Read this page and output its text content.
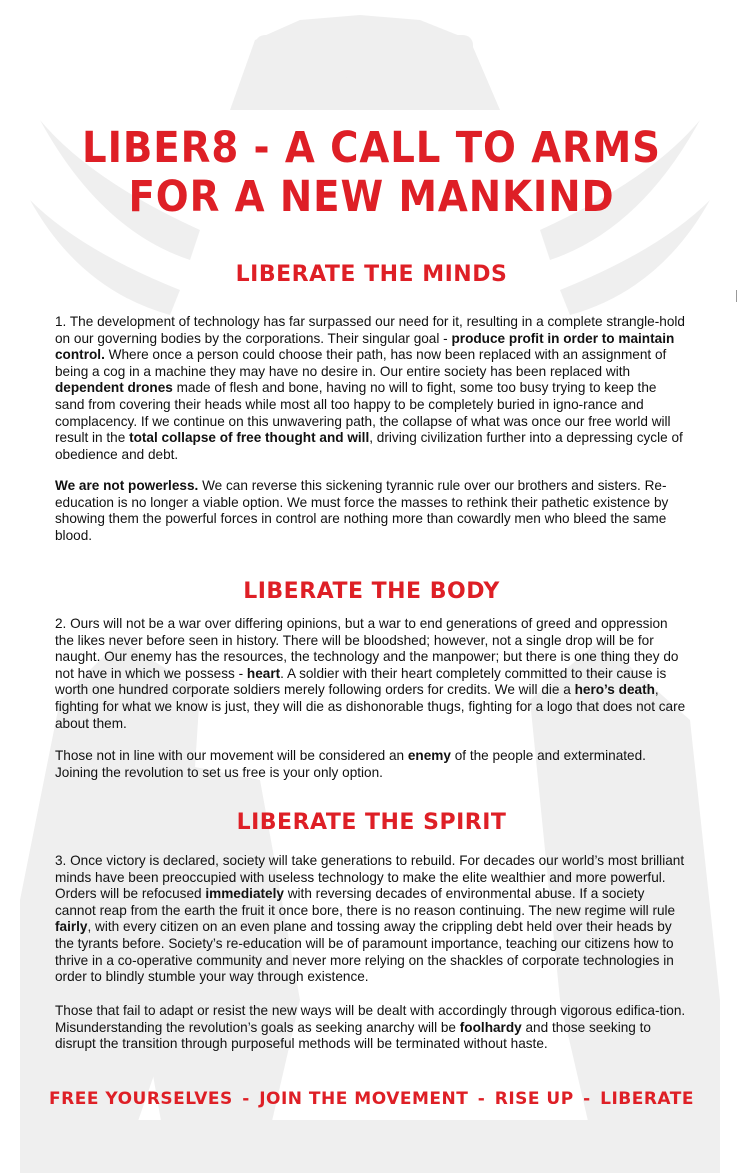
LIBER8 - A CALL TO ARMS
FOR A NEW MANKIND
LIBERATE THE MINDS

1. The development of technology has far surpassed our need for it, resulting in a complete strangle-hold on our governing bodies by the corporations. Their singular goal - produce profit in order to maintain control. Where once a person could choose their path, has now been replaced with an assignment of being a cog in a machine they may have no desire in. Our entire society has been replaced with dependent drones made of flesh and bone, having no will to fight, some too busy trying to keep the sand from covering their heads while most all too happy to be completely buried in igno-rance and complacency. If we continue on this unwavering path, the collapse of what was once our free world will result in the total collapse of free thought and will, driving civilization further into a depressing cycle of obedience and debt.

We are not powerless. We can reverse this sickening tyrannic rule over our brothers and sisters. Re-education is no longer a viable option. We must force the masses to rethink their pathetic existence by showing them the powerful forces in control are nothing more than cowardly men who bleed the same blood.

LIBERATE THE BODY

2. Ours will not be a war over differing opinions, but a war to end generations of greed and oppression the likes never before seen in history. There will be bloodshed; however, not a single drop will be for naught. Our enemy has the resources, the technology and the manpower; but there is one thing they do not have in which we possess - heart. A soldier with their heart completely committed to their cause is worth one hundred corporate soldiers merely following orders for credits. We will die a hero’s death, fighting for what we know is just, they will die as dishonorable thugs, fighting for a logo that does not care about them.

Those not in line with our movement will be considered an enemy of the people and exterminated. Joining the revolution to set us free is your only option.

LIBERATE THE SPIRIT

3. Once victory is declared, society will take generations to rebuild. For decades our world’s most brilliant minds have been preoccupied with useless technology to make the elite wealthier and more powerful. Orders will be refocused immediately with reversing decades of environmental abuse. If a society cannot reap from the earth the fruit it once bore, there is no reason continuing. The new regime will rule fairly, with every citizen on an even plane and tossing away the crippling debt held over their heads by the tyrants before. Society’s re-education will be of paramount importance, teaching our citizens how to thrive in a co-operative community and never more relying on the shackles of corporate technologies in order to blindly stumble your way through existence.

Those that fail to adapt or resist the new ways will be dealt with accordingly through vigorous edifica-tion. Misunderstanding the revolution’s goals as seeking anarchy will be foolhardy and those seeking to disrupt the transition through purposeful methods will be terminated without haste.

FREE YOURSELVES - JOIN THE MOVEMENT - RISE UP - LIBERATE
